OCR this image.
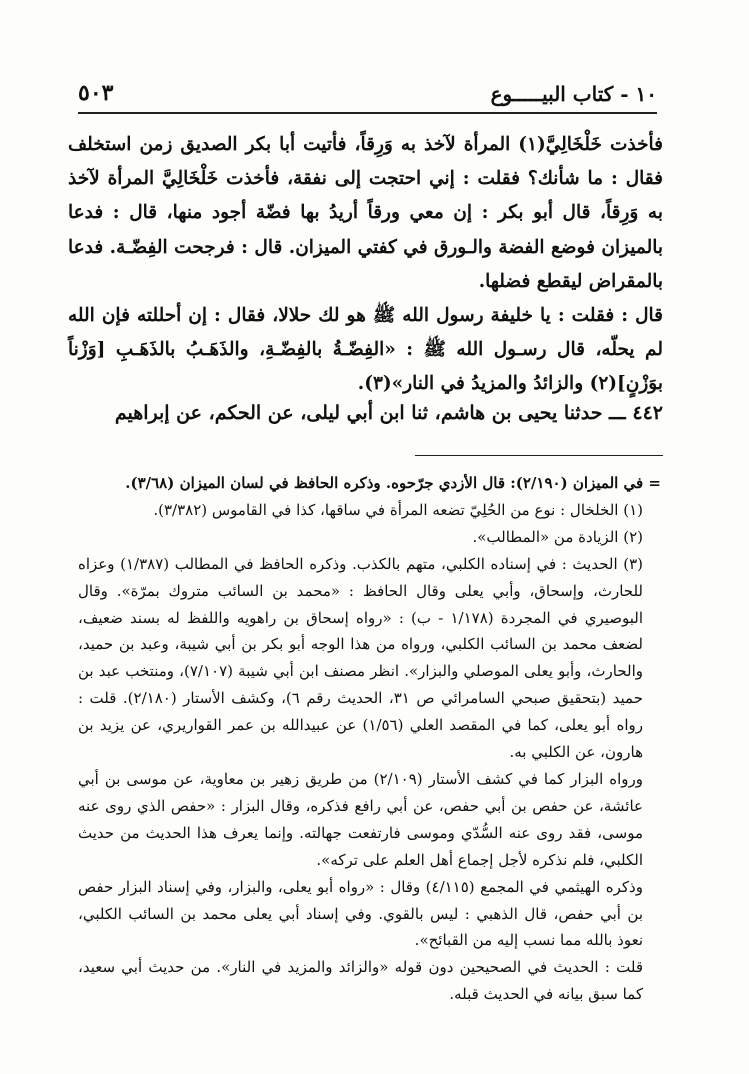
٥٠٣	١٠ - كتاب البيـــــوع

فأخذت خَلْخَالِيَّ(١) المرأة لآخذ به وَرِقاً، فأتيت أبا بكر الصديق زمن استخلف فقال : ما شأنك؟ فقلت : إني احتجت إلى نفقة، فأخذت خَلْخَالِيَّ المرأة لآخذ به وَرِقاً، قال أبو بكر : إن معي ورقاً أريدُ بها فضّة أجود منها، قال : فدعا بالميزان فوضع الفضة والـورق في كفتي الميزان. قال : فرجحت الفِضّـة. فدعا بالمقراض ليقطع فضلها.

قال : فقلت : يا خليفة رسول الله ﷺ هو لك حلالا، فقال : إن أحللته فإن الله لم يحلّه، قال رسـول الله ﷺ : «الفِضّـةُ بالفِضّـةِ، والذَهَـبُ بالذَهَـبِ [وَزْناً بوَزْنٍ](٢) والزائدُ والمزيدُ في النار»(٣).

٤٤٢ ـــ حدثنا يحيى بن هاشم، ثنا ابن أبي ليلى، عن الحكم، عن إبراهيم

= في الميزان (٢/١٩٠): قال الأزدي جرّحوه. وذكره الحافظ في لسان الميزان (٣/٦٨).

(١) الخلخال : نوع من الحُلِيّ تضعه المرأة في ساقها، كذا في القاموس (٣/٣٨٢).

(٢) الزيادة من «المطالب».

(٣) الحديث : في إسناده الكلبي، متهم بالكذب. وذكره الحافظ في المطالب (١/٣٨٧) وعزاه للحارث، وإسحاق، وأبي يعلى وقال الحافظ : «محمد بن السائب متروك بمرّة». وقال البوصيري في المجردة (١/١٧٨ - ب) : «رواه إسحاق بن راهويه واللفظ له بسند ضعيف، لضعف محمد بن السائب الكلبي، ورواه من هذا الوجه أبو بكر بن أبي شيبة، وعبد بن حميد، والحارث، وأبو يعلى الموصلي والبزار». انظر مصنف ابن أبي شيبة (٧/١٠٧)، ومنتخب عبد بن حميد (بتحقيق صبحي السامرائي ص ٣١، الحديث رقم ٦)، وكشف الأستار (٢/١٨٠). قلت : رواه أبو يعلى، كما في المقصد العلي (١/٥٦) عن عبيدالله بن عمر القواريري، عن يزيد بن هارون، عن الكلبي به.

ورواه البزار كما في كشف الأستار (٢/١٠٩) من طريق زهير بن معاوية، عن موسى بن أبي عائشة، عن حفص بن أبي حفص، عن أبي رافع فذكره، وقال البزار : «حفص الذي روى عنه موسى، فقد روى عنه السُّدّي وموسى فارتفعت جهالته. وإنما يعرف هذا الحديث من حديث الكلبي، فلم نذكره لأجل إجماع أهل العلم على تركه».

وذكره الهيثمي في المجمع (٤/١١٥) وقال : «رواه أبو يعلى، والبزار، وفي إسناد البزار حفص بن أبي حفص، قال الذهبي : ليس بالقوي. وفي إسناد أبي يعلى محمد بن السائب الكلبي، نعوذ بالله مما نسب إليه من القبائح».

قلت : الحديث في الصحيحين دون قوله «والزائد والمزيد في النار». من حديث أبي سعيد، كما سبق بيانه في الحديث قبله.
